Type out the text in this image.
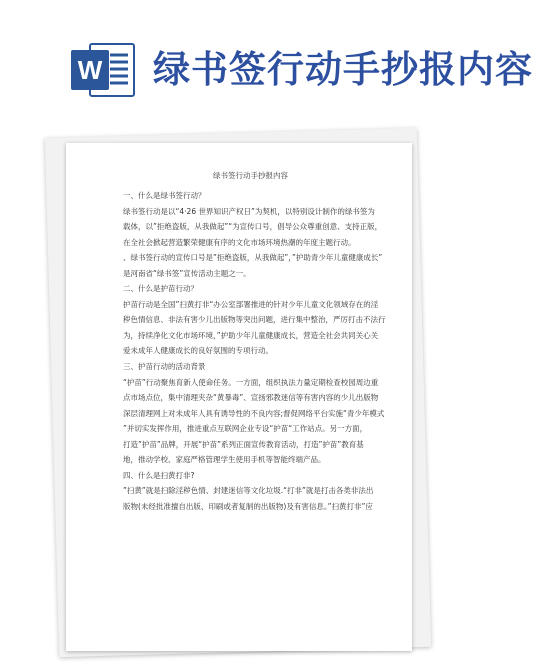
W 绿书签行动手抄报内容
绿书签行动手抄报内容

一、什么是绿书签行动？

绿书签行动是以“4·26 世界知识产权日”为契机，以特别设计制作的绿书签为

载体，以”拒绝盗版，从我做起”“为宣传口号，倡导公众尊重创意、支持正版，

在全社会掀起营造繁荣健康有序的文化市场环境热潮的年度主题行动。

、绿书签行动的宣传口号是”拒绝盗版，从我做起”，”护助青少年儿童健康成长”

是河南省“绿书签”宣传活动主题之一。

二、什么是护苗行动？

护苗行动是全国”扫黄打非“办公室部署推进的针对少年儿童文化领域存在的淫

秽色情信息、非法有害少儿出版物等突出问题，进行集中整治，严厉打击不法行

为，持续净化文化市场环境，”护助少年儿童健康成长，营造全社会共同关心关

爱未成年人健康成长的良好氛围的专项行动。

三、护苗行动的活动背景

“护苗”行动聚焦育新人使命任务。一方面，组织执法力量定期检查校园周边重

点市场点位，集中清理夹杂“黄暴毒”、宣扬邪教迷信等有害内容的少儿出版物

深层清理网上对未成年人具有诱导性的不良内容;督促网络平台实施“青少年模式

”并切实发挥作用，推进重点互联网企业专设“护苗“工作站点。另一方面，

打造”护苗”品牌，开展“护苗”系列正面宣传教育活动，打造”护苗”教育基

地，推动学校、家庭严格管理学生使用手机等智能终端产品。

四、什么是扫黄打非?

”扫黄”就是扫除淫秽色情、封建迷信等文化垃圾.“打非”就是打击各类非法出

版物(未经批准擅自出版、印刷或者复制的出版物)及有害信息。”扫黄打非”应
